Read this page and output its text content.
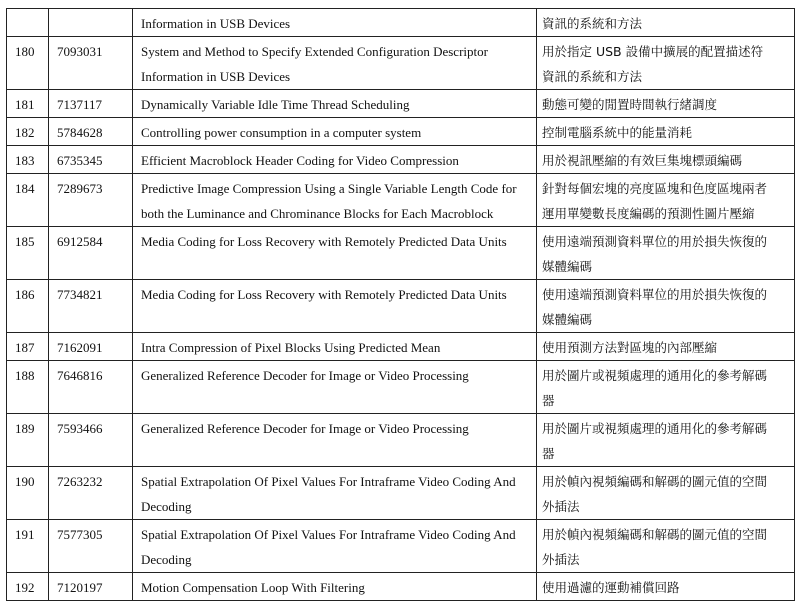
		Information in USB Devices	資訊的系統和方法

180	7093031	System and Method to Specify Extended Configuration Descriptor
Information in USB Devices	用於指定 USB 設備中擴展的配置描述符
資訊的系統和方法

181	7137117	Dynamically Variable Idle Time Thread Scheduling	動態可變的閒置時間執行緒調度

182	5784628	Controlling power consumption in a computer system	控制電腦系統中的能量消耗

183	6735345	Efficient Macroblock Header Coding for Video Compression	用於視訊壓縮的有效巨集塊標頭編碼

184	7289673	Predictive Image Compression Using a Single Variable Length Code for
both the Luminance and Chrominance Blocks for Each Macroblock	針對每個宏塊的亮度區塊和色度區塊兩者
運用單變數長度編碼的預測性圖片壓縮

185	6912584	Media Coding for Loss Recovery with Remotely Predicted Data Units	使用遠端預測資料單位的用於損失恢復的
媒體編碼

186	7734821	Media Coding for Loss Recovery with Remotely Predicted Data Units	使用遠端預測資料單位的用於損失恢復的
媒體編碼

187	7162091	Intra Compression of Pixel Blocks Using Predicted Mean	使用預測方法對區塊的內部壓縮

188	7646816	Generalized Reference Decoder for Image or Video Processing	用於圖片或視頻處理的通用化的參考解碼
器

189	7593466	Generalized Reference Decoder for Image or Video Processing	用於圖片或視頻處理的通用化的參考解碼
器

190	7263232	Spatial Extrapolation Of Pixel Values For Intraframe Video Coding And
Decoding	用於幀內視頻編碼和解碼的圖元值的空間
外插法

191	7577305	Spatial Extrapolation Of Pixel Values For Intraframe Video Coding And
Decoding	用於幀內視頻編碼和解碼的圖元值的空間
外插法

192	7120197	Motion Compensation Loop With Filtering	使用過濾的運動補償回路
